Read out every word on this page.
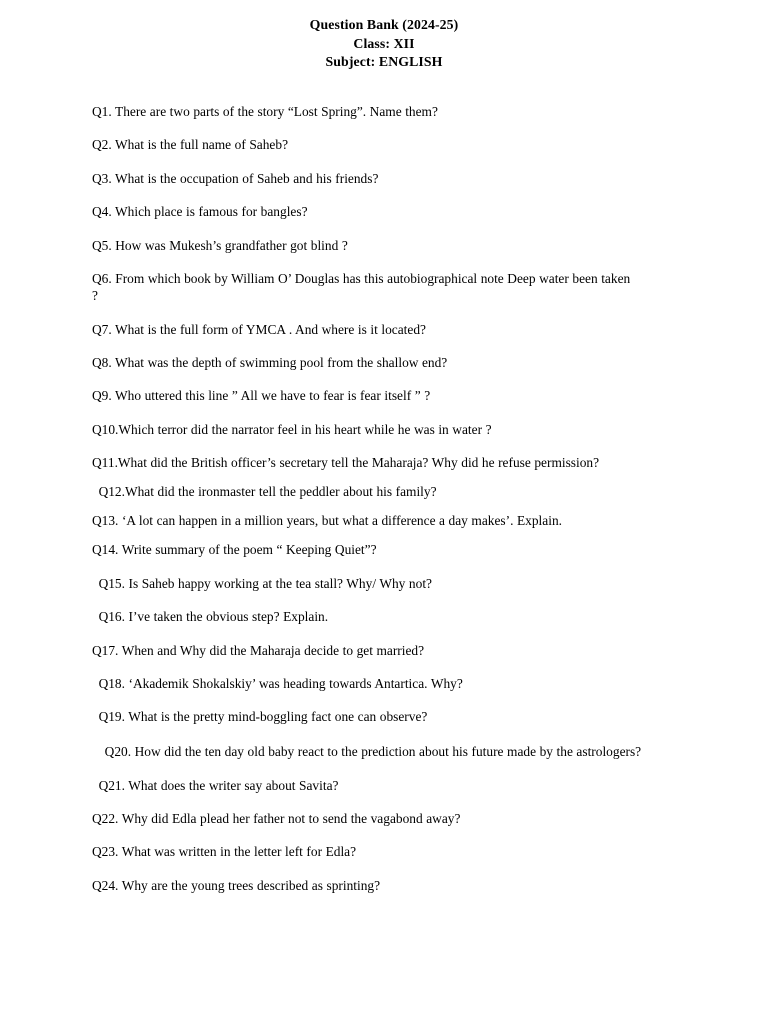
Question Bank (2024-25)
Class: XII
Subject: ENGLISH

Q1. There are two parts of the story “Lost Spring”. Name them?

Q2. What is the full name of Saheb?

Q3. What is the occupation of Saheb and his friends?

Q4. Which place is famous for bangles?

Q5. How was Mukesh’s grandfather got blind ?

Q6. From which book by William O’ Douglas has this autobiographical note Deep water been taken ?

Q7. What is the full form of YMCA . And where is it located?

Q8. What was the depth of swimming pool from the shallow end?

Q9. Who uttered this line ” All we have to fear is fear itself ” ?

Q10.Which terror did the narrator feel in his heart while he was in water ?

Q11.What did the British officer’s secretary tell the Maharaja? Why did he refuse permission?

Q12.What did the ironmaster tell the peddler about his family?

Q13. ‘A lot can happen in a million years, but what a difference a day makes’. Explain.

Q14. Write summary of the poem “ Keeping Quiet”?

Q15. Is Saheb happy working at the tea stall? Why/ Why not?

Q16. I’ve taken the obvious step? Explain.

Q17. When and Why did the Maharaja decide to get married?

Q18. ‘Akademik Shokalskiy’ was heading towards Antartica. Why?

Q19. What is the pretty mind-boggling fact one can observe?

Q20. How did the ten day old baby react to the prediction about his future made by the astrologers?

Q21. What does the writer say about Savita?

Q22. Why did Edla plead her father not to send the vagabond away?

Q23. What was written in the letter left for Edla?

Q24. Why are the young trees described as sprinting?
